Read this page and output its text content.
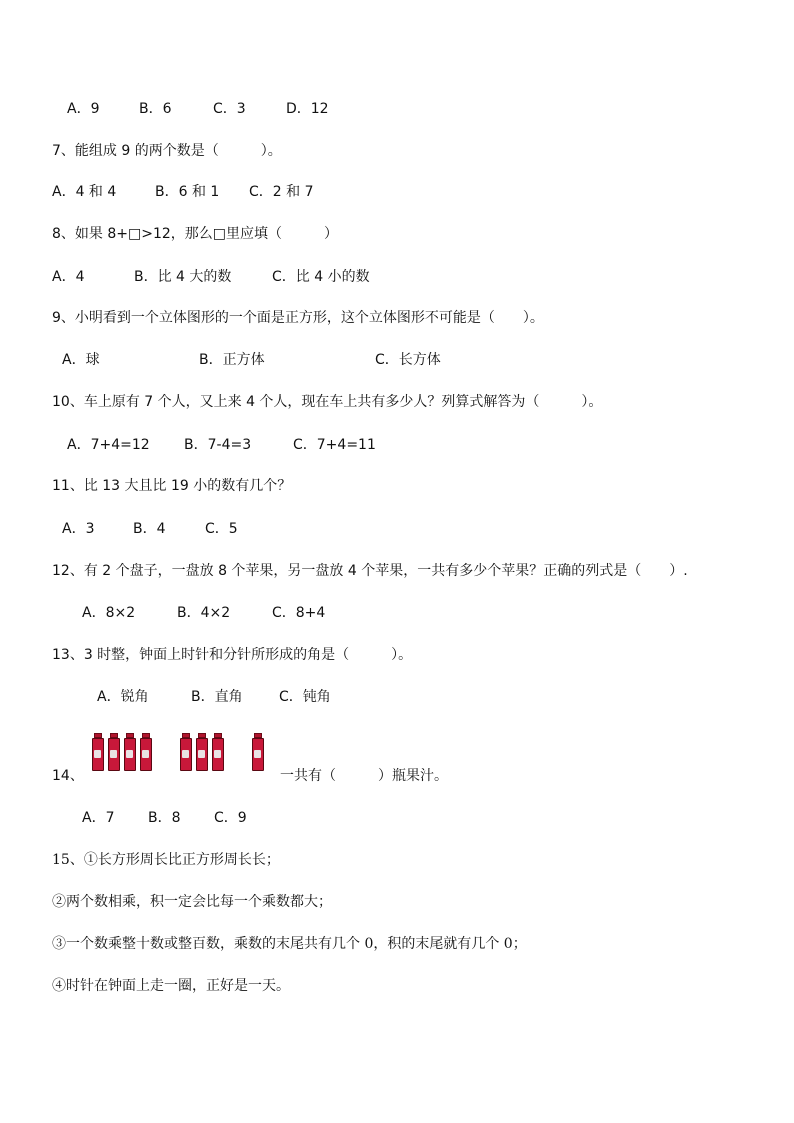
A．9	B．6	C．3	D．12
7、能组成 9 的两个数是（　　　）。
A．4 和 4	B．6 和 1 C．2 和 7
8、如果 8+□>12，那么□里应填（　　　）
A．4	B．比 4 大的数	C．比 4 小的数
9、小明看到一个立体图形的一个面是正方形，这个立体图形不可能是（　　）。
A．球	B．正方体	C．长方体
10、车上原有 7 个人，又上来 4 个人，现在车上共有多少人？列算式解答为（　　　）。
A．7+4=12 B．7-4=3	C．7+4=11
11、比 13 大且比 19 小的数有几个？
A．3	B．4	C．5
12、有 2 个盘子，一盘放 8 个苹果，另一盘放 4 个苹果，一共有多少个苹果？正确的列式是（　　）.
A．8×2	B．4×2	C．8+4
13、3 时整，钟面上时针和分针所形成的角是（　　　）。
A．锐角	B．直角	C．钝角
14、	一共有（　　　）瓶果汁。
A．7 B．8 C．9
15、①长方形周长比正方形周长长；
②两个数相乘，积一定会比每一个乘数都大；
③一个数乘整十数或整百数，乘数的末尾共有几个 0，积的末尾就有几个 0；
④时针在钟面上走一圈，正好是一天。
